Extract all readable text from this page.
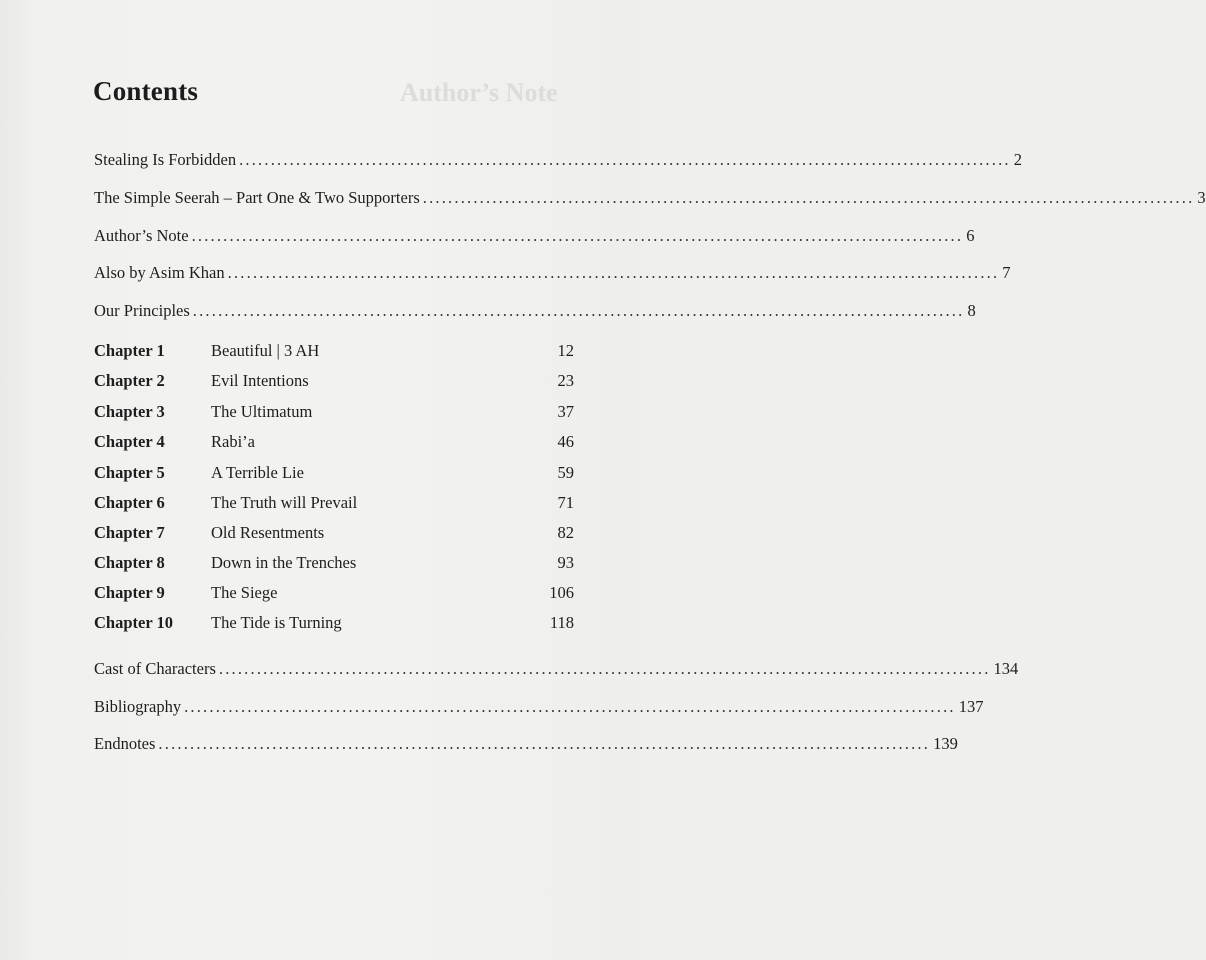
Author’s Note
Contents
Stealing Is Forbidden .......................................................................................................................... 2
The Simple Seerah – Part One & Two Supporters .......................................................................................................................... 3
Author’s Note .......................................................................................................................... 6
Also by Asim Khan .......................................................................................................................... 7
Our Principles .......................................................................................................................... 8
Chapter 1	Beautiful | 3 AH	12
Chapter 2	Evil Intentions	23
Chapter 3	The Ultimatum	37
Chapter 4	Rabi’a	46
Chapter 5	A Terrible Lie	59
Chapter 6	The Truth will Prevail	71
Chapter 7	Old Resentments	82
Chapter 8	Down in the Trenches	93
Chapter 9	The Siege	106
Chapter 10 The Tide is Turning	118
Cast of Characters .......................................................................................................................... 134
Bibliography .......................................................................................................................... 137
Endnotes .......................................................................................................................... 139
